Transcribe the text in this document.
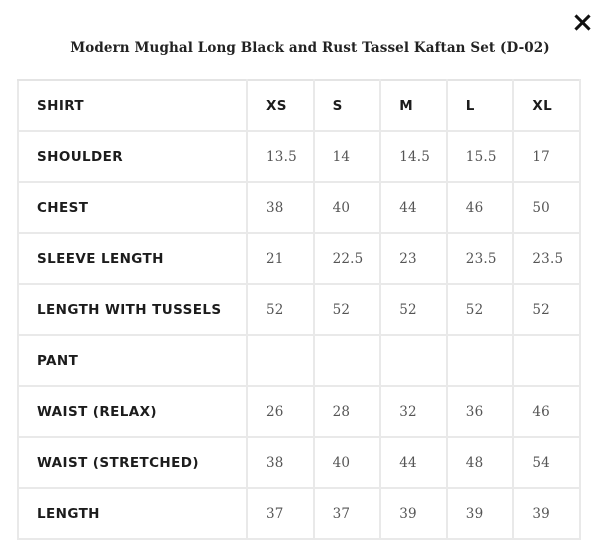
Modern Mughal Long Black and Rust Tassel Kaftan Set (D-02)
SHIRT	XS	S	M	L	XL
SHOULDER	13.5	14	14.5	15.5	17
CHEST	38	40	44	46	50
SLEEVE LENGTH	21	22.5	23	23.5	23.5
LENGTH WITH TUSSELS	52	52	52	52	52
PANT					
WAIST (RELAX)	26	28	32	36	46
WAIST (STRETCHED)	38	40	44	48	54
LENGTH	37	37	39	39	39
